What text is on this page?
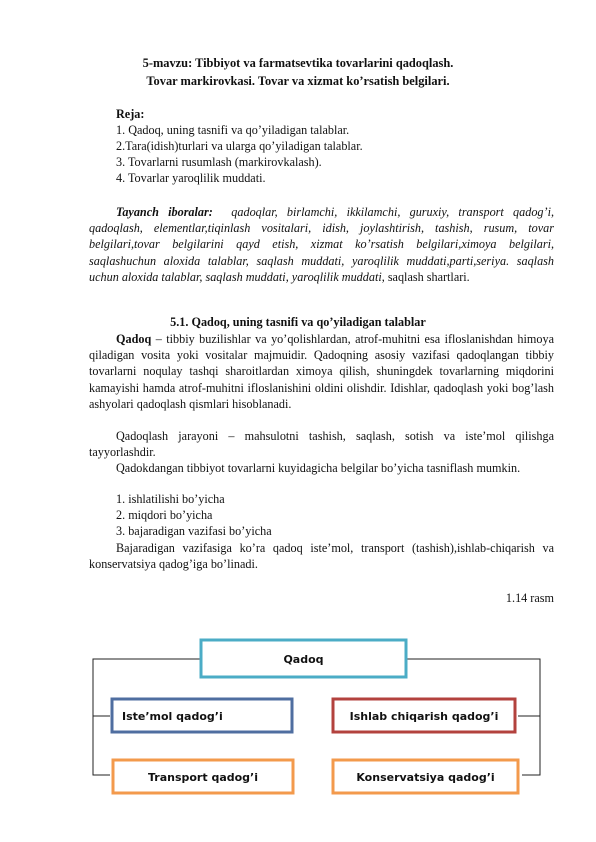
5-mavzu: Tibbiyot va farmatsevtika tovarlarini qadoqlash.
Tovar markirovkasi. Tovar va xizmat ko’rsatish belgilari.
Reja:
1. Qadoq, uning tasnifi va qo’yiladigan talablar.
2.Tara(idish)turlari va ularga qo’yiladigan talablar.
3. Tovarlarni rusumlash (markirovkalash).
4. Tovarlar yaroqlilik muddati.
Tayanch iboralar: qadoqlar, birlamchi, ikkilamchi, guruxiy, transport qadog’i, qadoqlash, elementlar,tiqinlash vositalari, idish, joylashtirish, tashish, rusum, tovar belgilari,tovar belgilarini qayd etish, xizmat ko’rsatish belgilari,ximoya belgilari, saqlashuchun aloxida talablar, saqlash muddati, yaroqlilik muddati,parti,seriya. saqlash uchun aloxida talablar, saqlash muddati, yaroqlilik muddati, saqlash shartlari.
5.1. Qadoq, uning tasnifi va qo’yiladigan talablar
Qadoq – tibbiy buzilishlar va yo’qolishlardan, atrof-muhitni esa ifloslanishdan himoya qiladigan vosita yoki vositalar majmuidir. Qadoqning asosiy vazifasi qadoqlangan tibbiy tovarlarni noqulay tashqi sharoitlardan ximoya qilish, shuningdek tovarlarning miqdorini kamayishi hamda atrof-muhitni ifloslanishini oldini olishdir. Idishlar, qadoqlash yoki bog’lash ashyolari qadoqlash qismlari hisoblanadi.
Qadoqlash jarayoni – mahsulotni tashish, saqlash, sotish va iste’mol qilishga tayyorlashdir.
Qadokdangan tibbiyot tovarlarni kuyidagicha belgilar bo’yicha tasniflash mumkin.
1. ishlatilishi bo’yicha
2. miqdori bo’yicha
3. bajaradigan vazifasi bo’yicha
Bajaradigan vazifasiga ko’ra qadoq iste’mol, transport (tashish),ishlab-chiqarish va konservatsiya qadog’iga bo’linadi.
1.14 rasm
Qadoq
Iste’mol qadog’i	Ishlab chiqarish qadog’i
Transport qadog’i	Konservatsiya qadog’i
